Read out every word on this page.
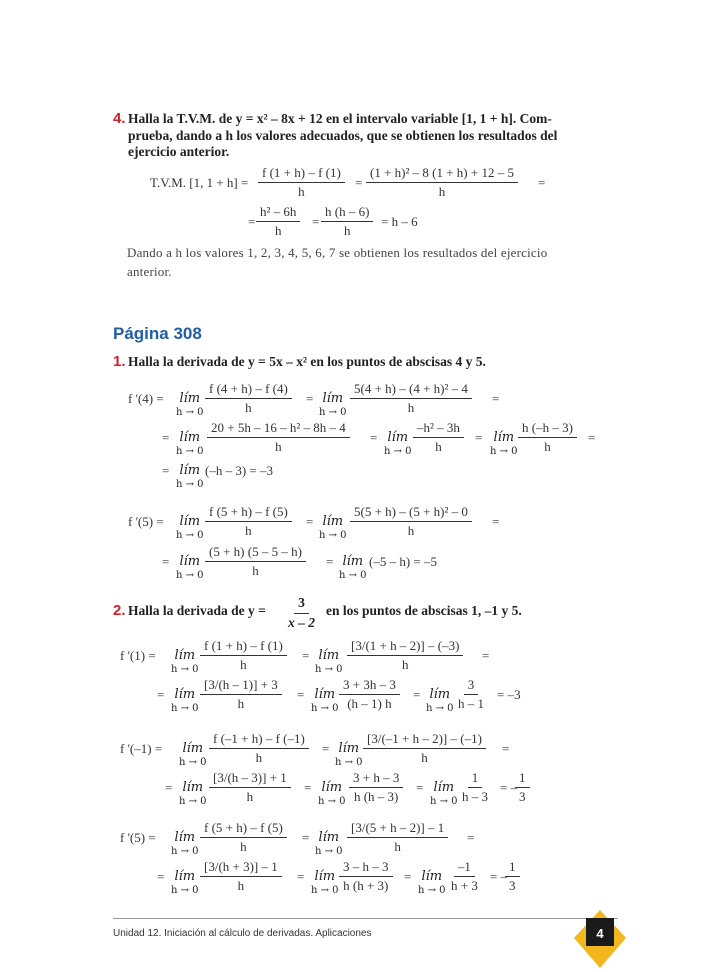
4. Halla la T.V.M. de y = x² – 8x + 12 en el intervalo variable [1, 1 + h]. Com-
prueba, dando a h los valores adecuados, que se obtienen los resultados del
ejercicio anterior.
T.V.M. [1, $1 + h] = \frac{f (1 + h) - f (1)}{h} = \frac{\text{(1 + h)² – 8 (1 + h) + 12 – 5}}{h}$ =
= $\frac{\text{h² – 6h}}{h} = \frac{h (h - 6)}{h} = h - 6$
Dando a h los valores 1, 2, 3, 4, 5, 6, 7 se obtienen los resultados del ejercicio
anterior.
Página 308
1. Halla la derivada de y = 5x – x² en los puntos de abscisas 4 y 5.
f '(4) = lím
$h \to 0 \frac{f (4 + h) - f (4)}{h}$ = lím
$h \to 0 \frac{\text{5(4 + h) – (4 + h)² – 4}}{h}$ =
= lím
$h \to 0 \frac{\text{20 + 5h – 16 – h² – 8h – 4}}{h}$ = lím
$h \to 0 \frac{\text{–h² – 3h}}{h}$ = lím
$h \to 0 \frac{h (-h - 3)}{h}$ =
= lím
h → 0
(–h – 3) = –3
f '(5) = lím
$h \to 0 \frac{f (5 + h) - f (5)}{h}$ = lím
$h \to 0 \frac{\text{5(5 + h) – (5 + h)² – 0}}{h}$ =
= lím
$h \to 0 \frac{(5 + h) (5 - 5 - h)}{h}$ = lím
h → 0
(–5 – h) = –5
2. Halla la derivada de $y = \frac{3}{x - 2}$ en los puntos de abscisas 1, –1 y 5.
f '(1) = lím
$h \to 0 \frac{f (1 + h) - f (1)}{h}$ = lím
$h \to 0 \frac{[3/(1 + h - 2)] - (-3)}{h}$ =
= lím
$h \to 0 \frac{[3/(h - 1)] + 3}{h}$ = lím
$h \to 0 \frac{3 + 3h - 3}{(h - 1) h}$ = lím
$h \to 0 \frac{3}{h - 1} = -3$
f '(–1) = lím
$h \to 0 \frac{f (-1 + h) - f (-1)}{h}$ = lím
$h \to 0 \frac{[3/(-1 + h - 2)] - (-1)}{h}$ =
= lím
$h \to 0 \frac{[3/(h - 3)] + 1}{h}$ = lím
$h \to 0 \frac{3 + h - 3}{h (h - 3)}$ = lím
$h \to 0 \frac{1}{h - 3}$ = –
$\frac{1}{3}$
f '(5) = lím
$h \to 0 \frac{f (5 + h) - f (5)}{h}$ = lím
$h \to 0 \frac{[3/(5 + h - 2)] - 1}{h}$ =
= lím
$h \to 0 \frac{[3/(h + 3)] - 1}{h}$ = lím
$h \to 0 \frac{3 - h - 3}{h (h + 3)}$ = lím
$h \to 0 \frac{-1}{h + 3}$ = –
$\frac{1}{3}$
Unidad 12. Iniciación al cálculo de derivadas. Aplicaciones	4
